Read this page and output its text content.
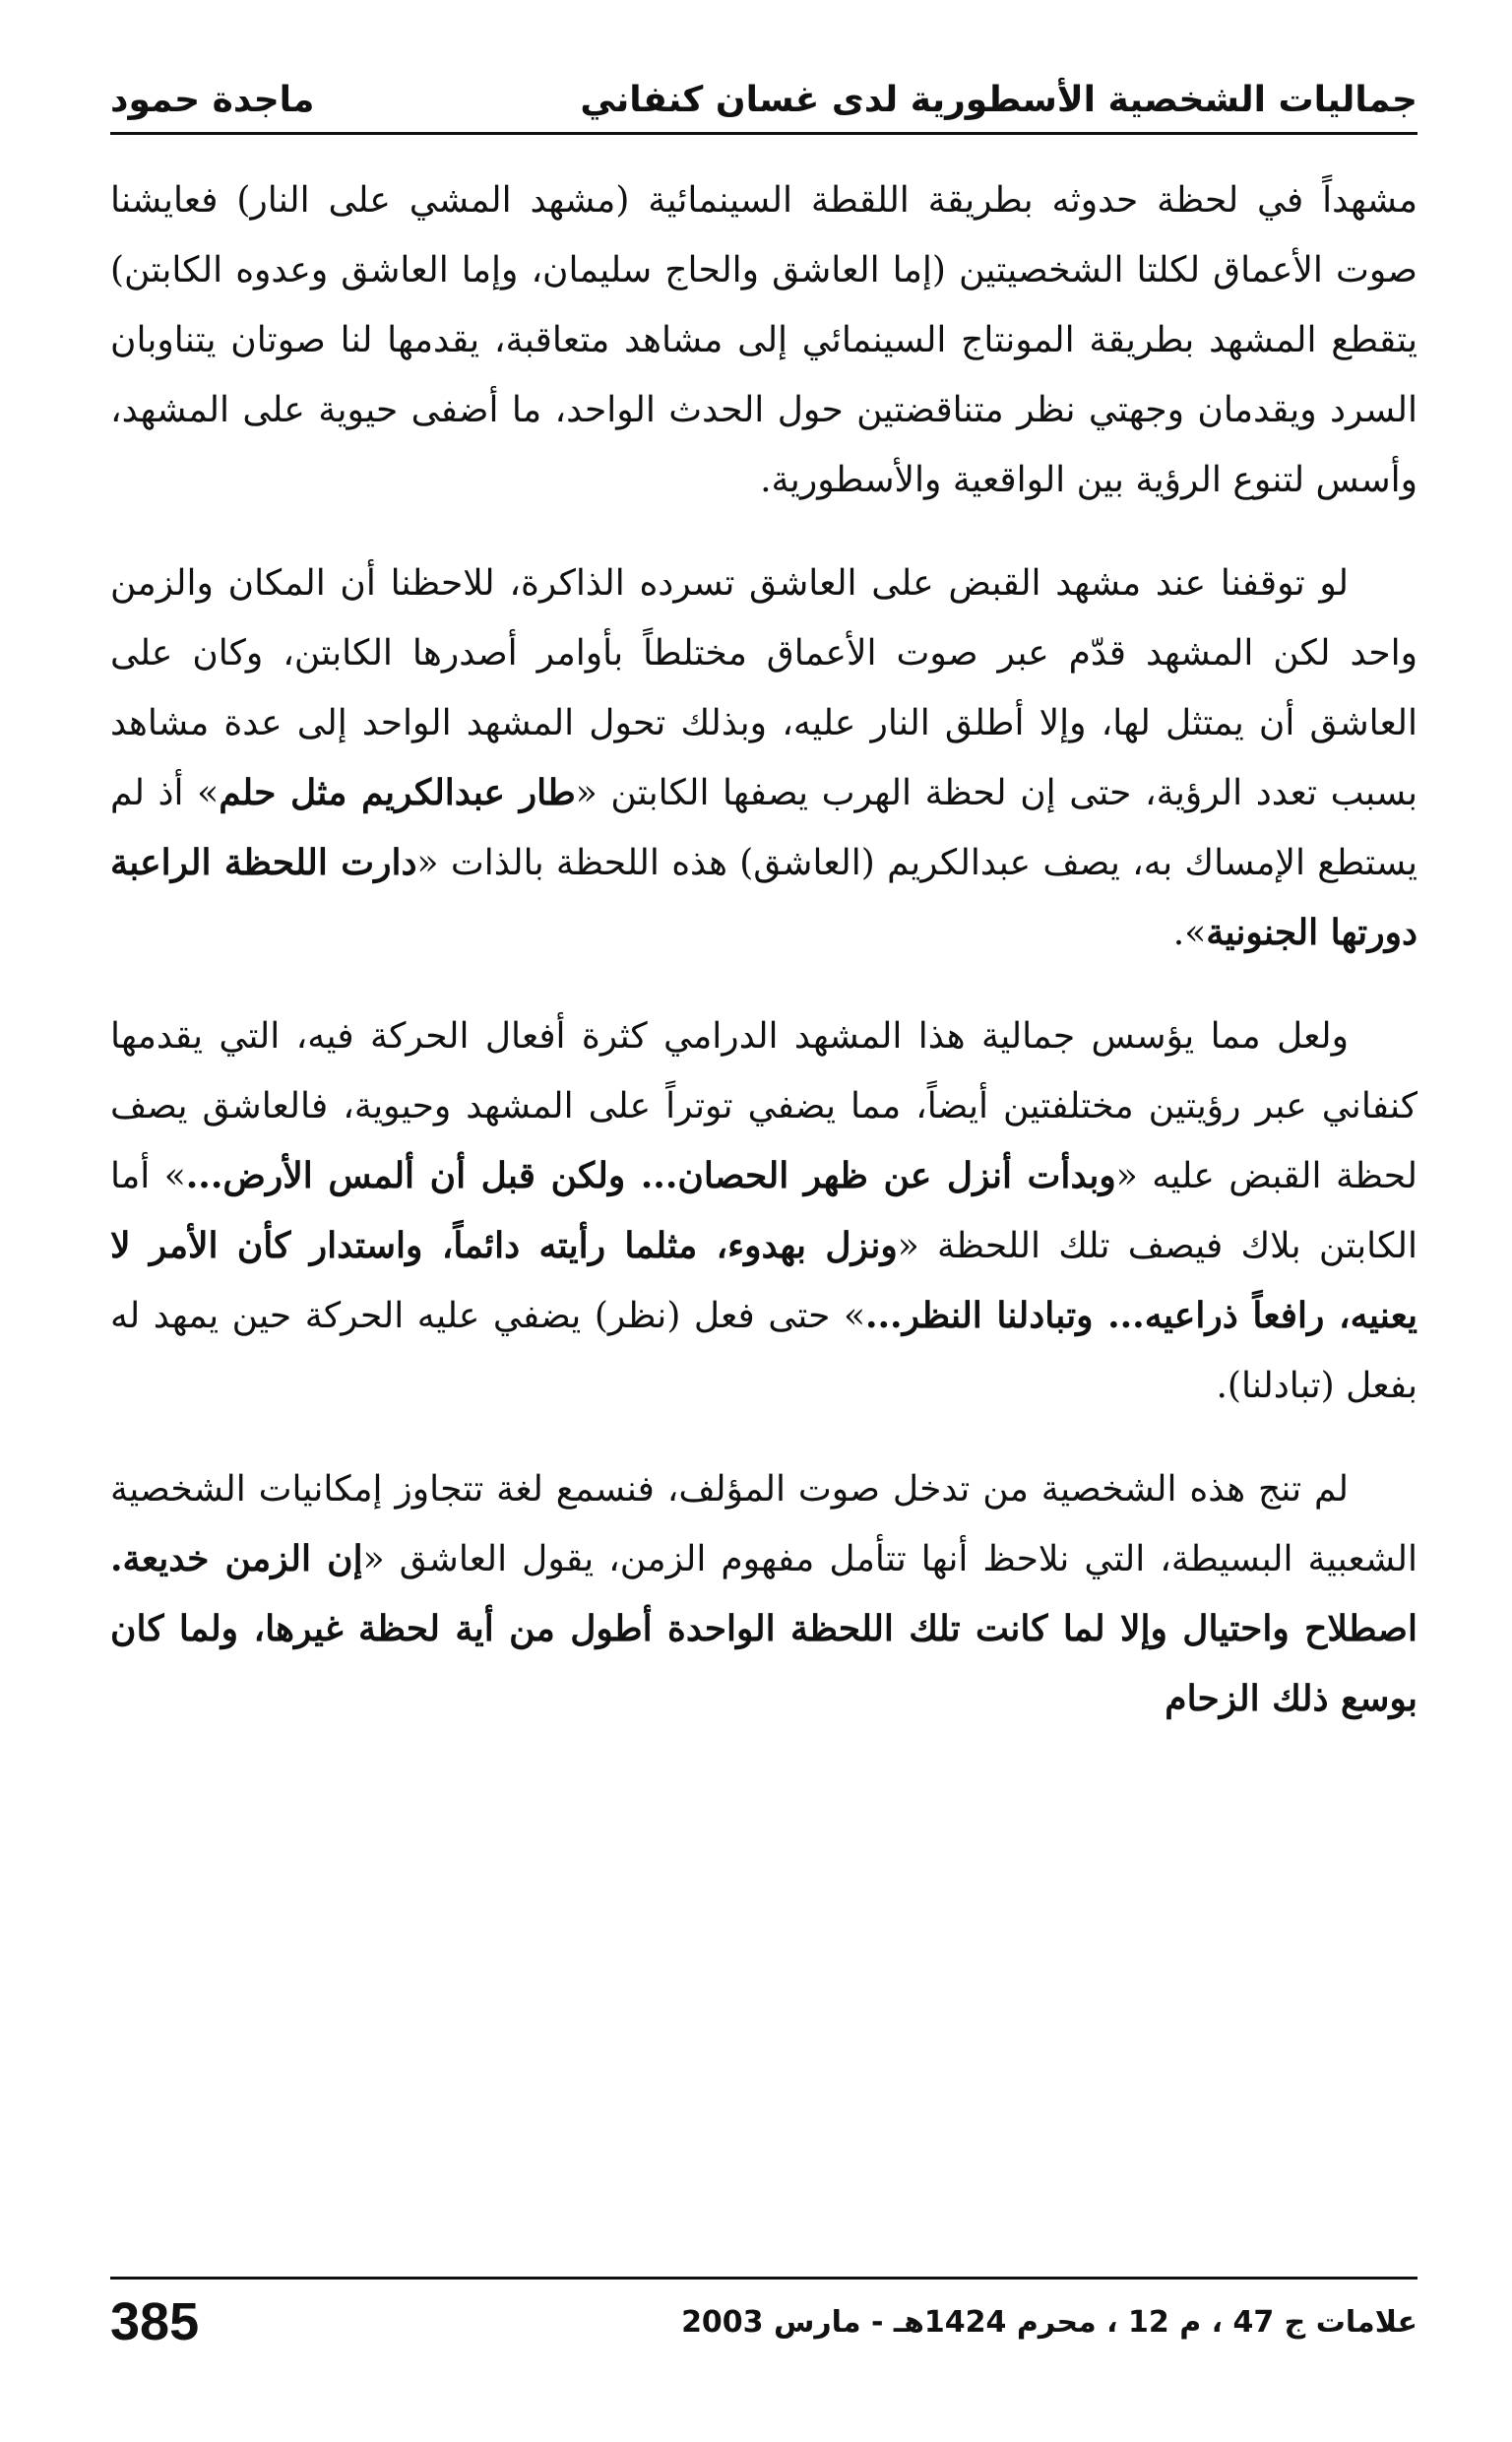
جماليات الشخصية الأسطورية لدى غسان كنفاني
ماجدة حمود

مشهداً في لحظة حدوثه بطريقة اللقطة السينمائية (مشهد المشي على النار) فعايشنا صوت الأعماق لكلتا الشخصيتين (إما العاشق والحاج سليمان، وإما العاشق وعدوه الكابتن) يتقطع المشهد بطريقة المونتاج السينمائي إلى مشاهد متعاقبة، يقدمها لنا صوتان يتناوبان السرد ويقدمان وجهتي نظر متناقضتين حول الحدث الواحد، ما أضفى حيوية على المشهد، وأسس لتنوع الرؤية بين الواقعية والأسطورية.

لو توقفنا عند مشهد القبض على العاشق تسرده الذاكرة، للاحظنا أن المكان والزمن واحد لكن المشهد قدّم عبر صوت الأعماق مختلطاً بأوامر أصدرها الكابتن، وكان على العاشق أن يمتثل لها، وإلا أطلق النار عليه، وبذلك تحول المشهد الواحد إلى عدة مشاهد بسبب تعدد الرؤية، حتى إن لحظة الهرب يصفها الكابتن «طار عبدالكريم مثل حلم» أذ لم يستطع الإمساك به، يصف عبدالكريم (العاشق) هذه اللحظة بالذات «دارت اللحظة الراعبة دورتها الجنونية».

ولعل مما يؤسس جمالية هذا المشهد الدرامي كثرة أفعال الحركة فيه، التي يقدمها كنفاني عبر رؤيتين مختلفتين أيضاً، مما يضفي توتراً على المشهد وحيوية، فالعاشق يصف لحظة القبض عليه «وبدأت أنزل عن ظهر الحصان... ولكن قبل أن ألمس الأرض...» أما الكابتن بلاك فيصف تلك اللحظة «ونزل بهدوء، مثلما رأيته دائماً، واستدار كأن الأمر لا يعنيه، رافعاً ذراعيه... وتبادلنا النظر...» حتى فعل (نظر) يضفي عليه الحركة حين يمهد له بفعل (تبادلنا).

لم تنج هذه الشخصية من تدخل صوت المؤلف، فنسمع لغة تتجاوز إمكانيات الشخصية الشعبية البسيطة، التي نلاحظ أنها تتأمل مفهوم الزمن، يقول العاشق «إن الزمن خديعة. اصطلاح واحتيال وإلا لما كانت تلك اللحظة الواحدة أطول من أية لحظة غيرها، ولما كان بوسع ذلك الزحام

علامات ج 47 ، م 12 ، محرم 1424هـ - مارس 2003
385
